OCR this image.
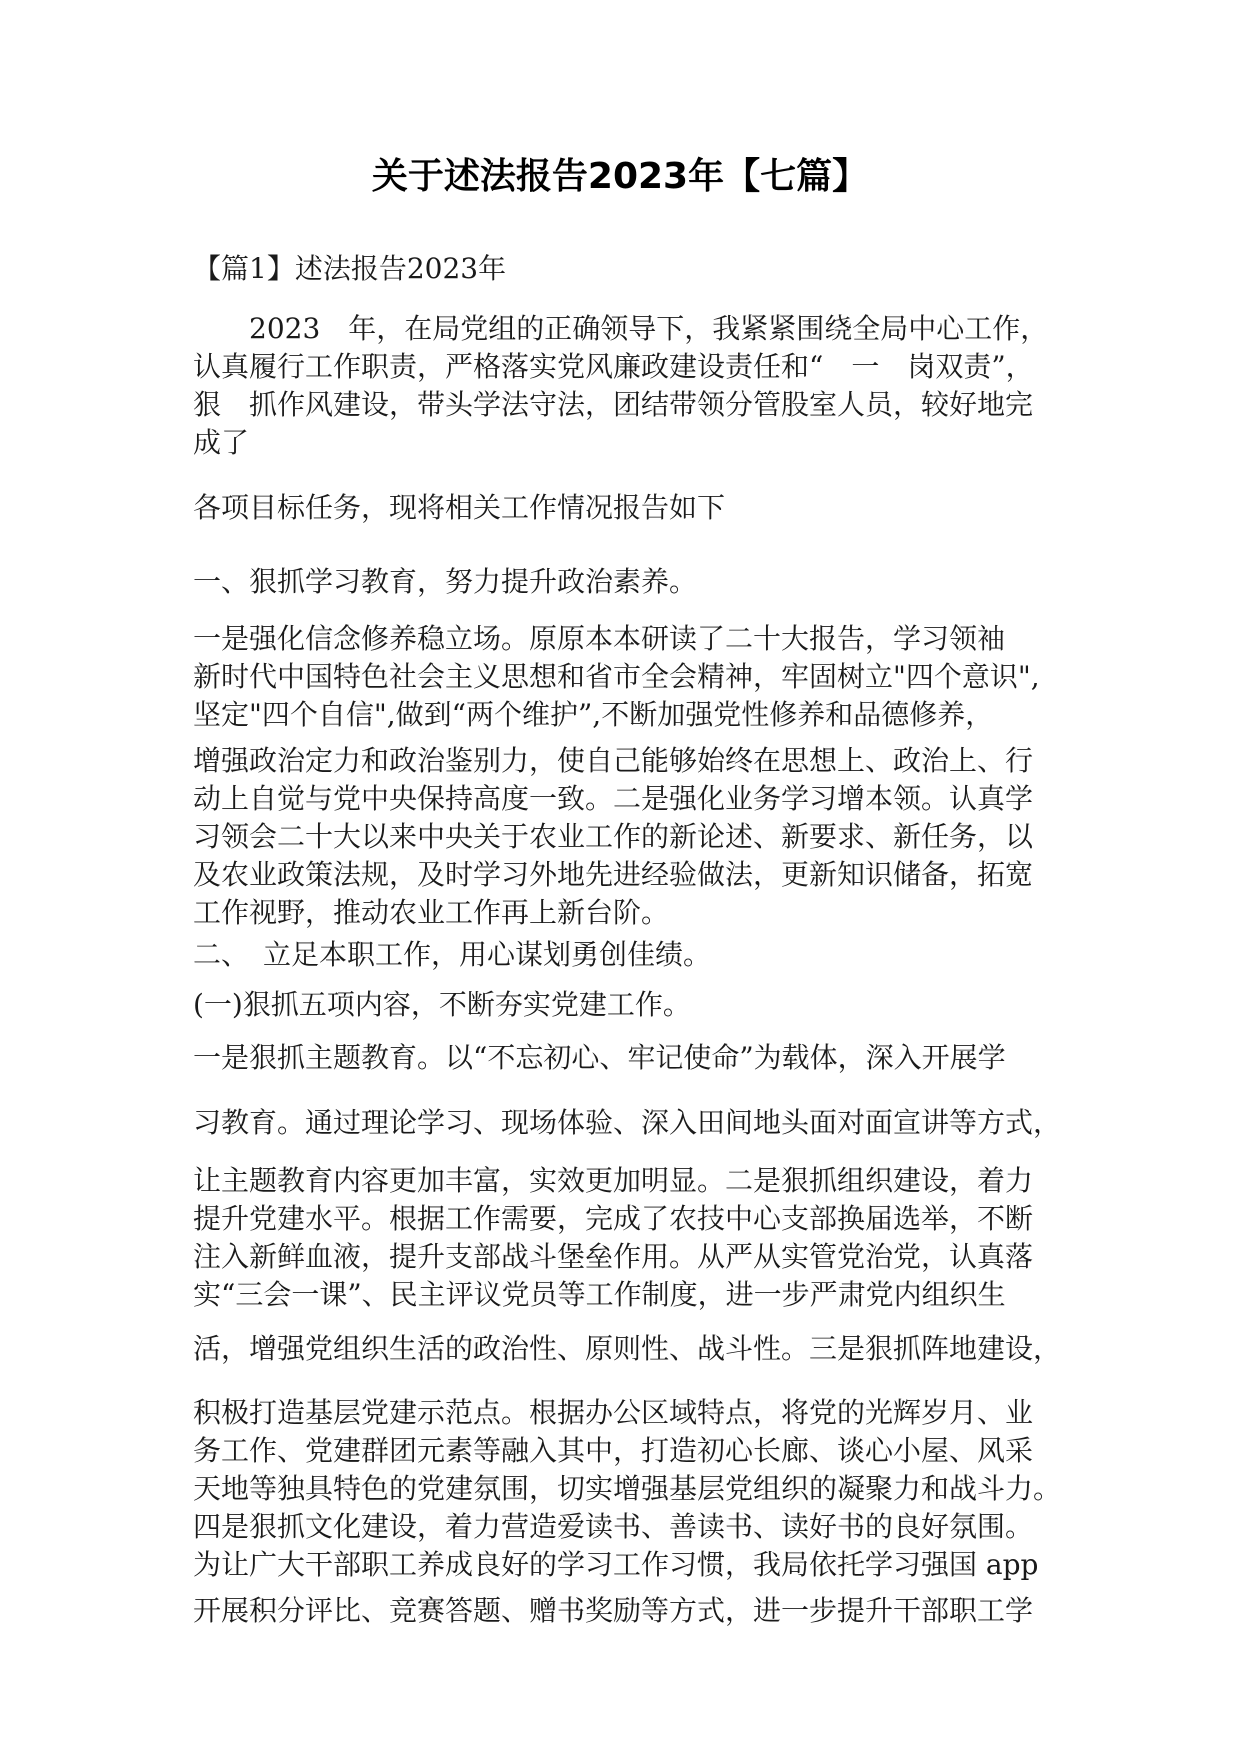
关于述法报告2023年【七篇】
【篇1】述法报告2023年
　　2023　年，在局党组的正确领导下，我紧紧围绕全局中心工作，
认真履行工作职责，严格落实党风廉政建设责任和“　一　岗双责”，
狠　抓作风建设，带头学法守法，团结带领分管股室人员，较好地完
成了
各项目标任务，现将相关工作情况报告如下
一、狠抓学习教育，努力提升政治素养。
一是强化信念修养稳立场。原原本本研读了二十大报告，学习领袖
新时代中国特色社会主义思想和省市全会精神，牢固树立"四个意识",
坚定"四个自信",做到“两个维护”,不断加强党性修养和品德修养，
增强政治定力和政治鉴别力，使自己能够始终在思想上、政治上、行
动上自觉与党中央保持高度一致。二是强化业务学习增本领。认真学
习领会二十大以来中央关于农业工作的新论述、新要求、新任务，以
及农业政策法规，及时学习外地先进经验做法，更新知识储备，拓宽
工作视野，推动农业工作再上新台阶。
二、　立足本职工作，用心谋划勇创佳绩。
(一)狠抓五项内容，不断夯实党建工作。
一是狠抓主题教育。以“不忘初心、牢记使命”为载体，深入开展学
习教育。通过理论学习、现场体验、深入田间地头面对面宣讲等方式，
让主题教育内容更加丰富，实效更加明显。二是狠抓组织建设，着力
提升党建水平。根据工作需要，完成了农技中心支部换届选举，不断
注入新鲜血液，提升支部战斗堡垒作用。从严从实管党治党，认真落
实“三会一课”、民主评议党员等工作制度，进一步严肃党内组织生
活，增强党组织生活的政治性、原则性、战斗性。三是狠抓阵地建设，
积极打造基层党建示范点。根据办公区域特点，将党的光辉岁月、业
务工作、党建群团元素等融入其中，打造初心长廊、谈心小屋、风采
天地等独具特色的党建氛围，切实增强基层党组织的凝聚力和战斗力。
四是狠抓文化建设，着力营造爱读书、善读书、读好书的良好氛围。
为让广大干部职工养成良好的学习工作习惯，我局依托学习强国 app
开展积分评比、竞赛答题、赠书奖励等方式，进一步提升干部职工学
